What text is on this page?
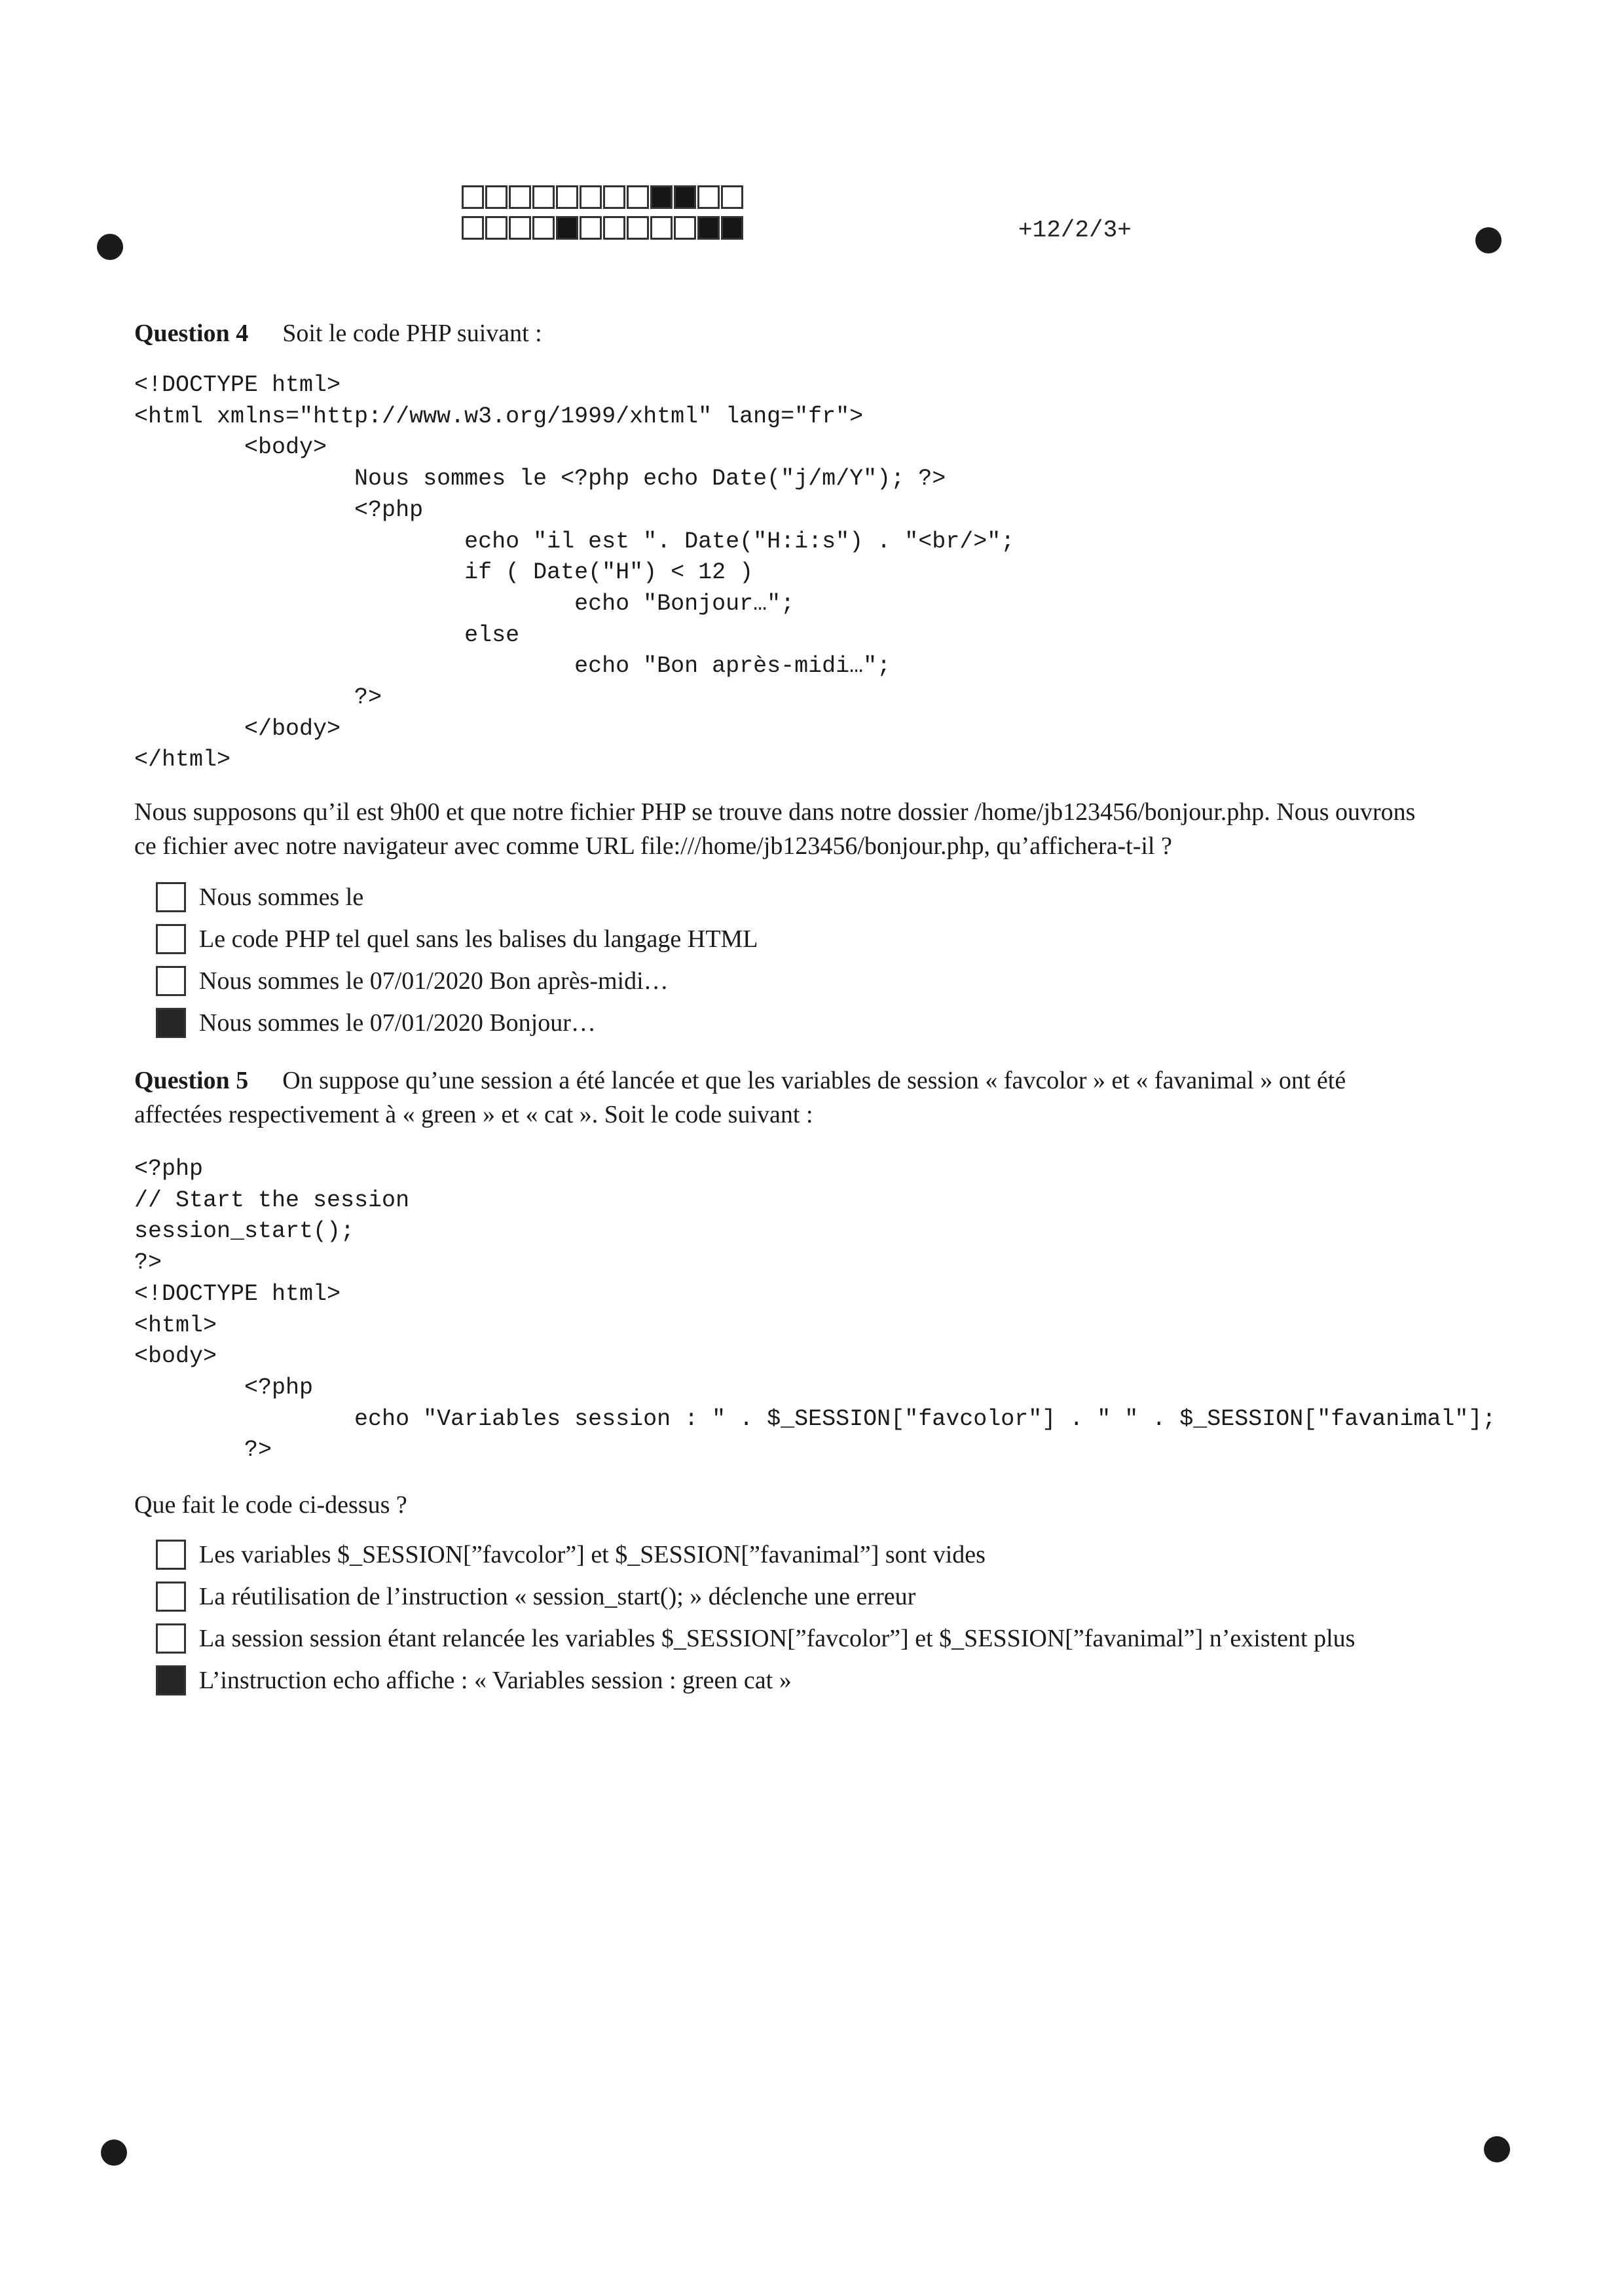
+12/2/3+
Question 4 Soit le code PHP suivant :
<!DOCTYPE html>
<html xmlns="http://www.w3.org/1999/xhtml" lang="fr">
<body>
Nous sommes le <?php echo Date("j/m/Y"); ?>
<?php
echo "il est ". Date("H:i:s") . "<br/>";
if ( Date("H") < 12 )
echo "Bonjour…";
else
echo "Bon après-midi…";
?>
</body>
</html>
Nous supposons qu’il est 9h00 et que notre fichier PHP se trouve dans notre dossier /home/jb123456/bonjour.php. Nous ouvrons
ce fichier avec notre navigateur avec comme URL file:///home/jb123456/bonjour.php, qu’affichera-t-il ?
Nous sommes le
Le code PHP tel quel sans les balises du langage HTML
Nous sommes le 07/01/2020 Bon après-midi…
Nous sommes le 07/01/2020 Bonjour…
Question 5 On suppose qu’une session a été lancée et que les variables de session « favcolor » et « favanimal » ont été
affectées respectivement à « green » et « cat ». Soit le code suivant :
<?php
// Start the session
session_start();
?>
<!DOCTYPE html>
<html>
<body>
<?php
echo "Variables session : " . $_SESSION["favcolor"] . " " . $_SESSION["favanimal"];
?>
Que fait le code ci-dessus ?
Les variables $_SESSION[”favcolor”] et $_SESSION[”favanimal”] sont vides
La réutilisation de l’instruction « session_start(); » déclenche une erreur
La session session étant relancée les variables $_SESSION[”favcolor”] et $_SESSION[”favanimal”] n’existent plus
L’instruction echo affiche : « Variables session : green cat »
